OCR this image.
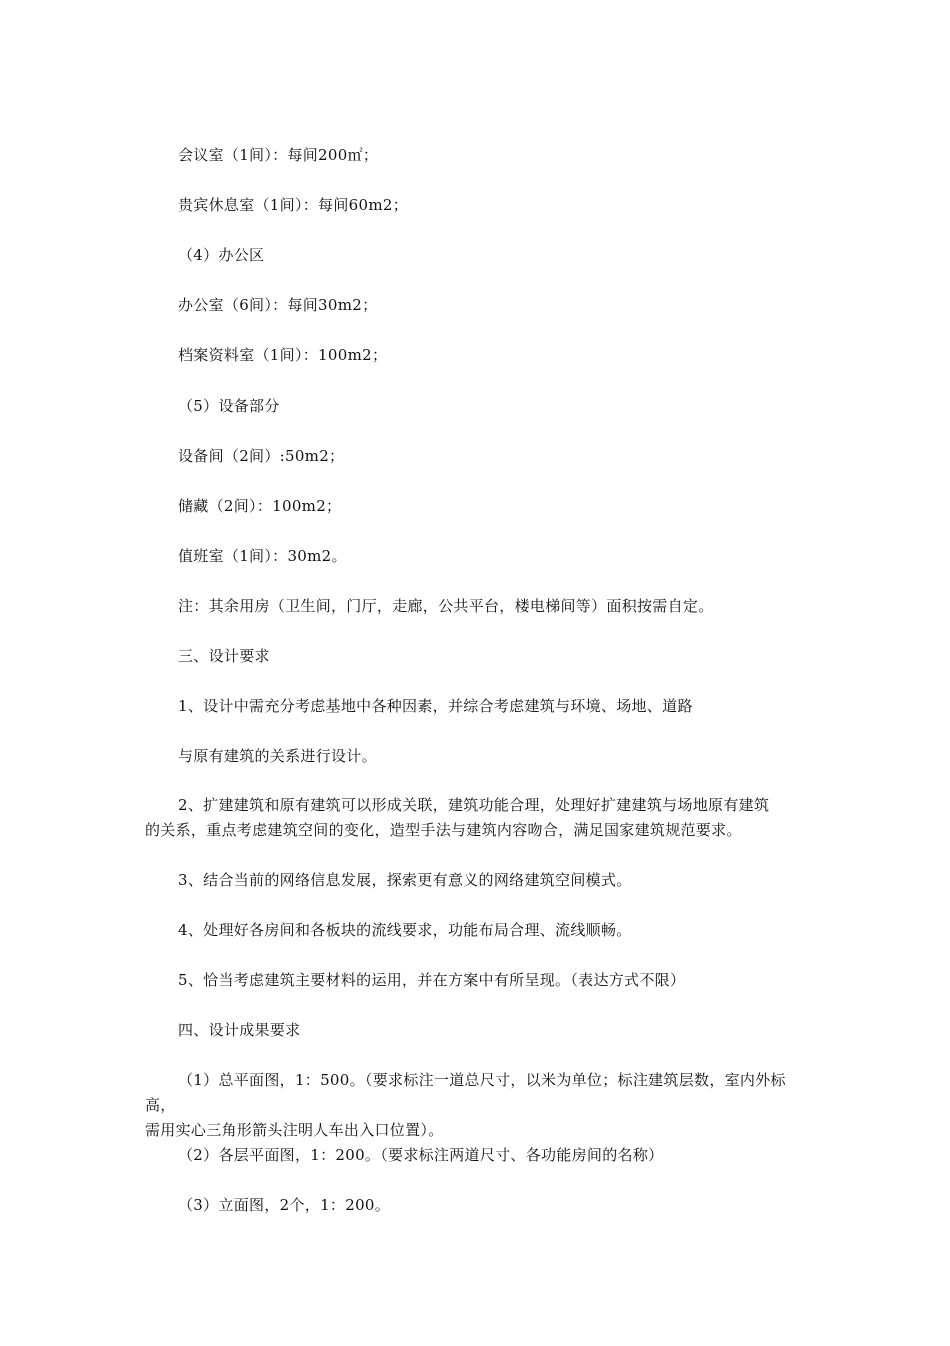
会议室（1间）：每间200㎡；
贵宾休息室（1间）：每间60m2；
（4）办公区
办公室（6间）：每间30m2；
档案资料室（1间）：100m2；
（5）设备部分
设备间（2间）:50m2；
储藏（2间）：100m2；
值班室（1间）：30m2。
注：其余用房（卫生间，门厅，走廊，公共平台，楼电梯间等）面积按需自定。
三、设计要求
1、设计中需充分考虑基地中各种因素，并综合考虑建筑与环境、场地、道路
与原有建筑的关系进行设计。
2、扩建建筑和原有建筑可以形成关联，建筑功能合理，处理好扩建建筑与场地原有建筑
的关系，重点考虑建筑空间的变化，造型手法与建筑内容吻合，满足国家建筑规范要求。
3、结合当前的网络信息发展，探索更有意义的网络建筑空间模式。
4、处理好各房间和各板块的流线要求，功能布局合理、流线顺畅。
5、恰当考虑建筑主要材料的运用，并在方案中有所呈现。（表达方式不限）
四、设计成果要求
（1）总平面图，1：500。（要求标注一道总尺寸，以米为单位；标注建筑层数，室内外标高，
需用实心三角形箭头注明人车出入口位置）。
（2）各层平面图，1：200。（要求标注两道尺寸、各功能房间的名称）
（3）立面图，2个，1：200。
